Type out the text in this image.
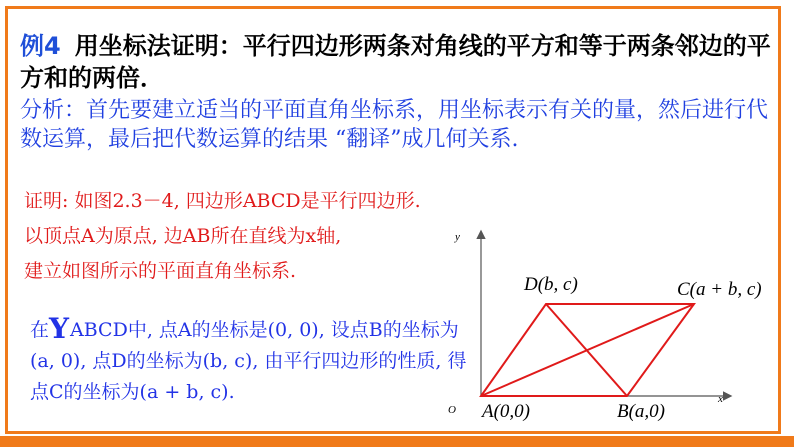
例4 用坐标法证明：平行四边形两条对角线的平方和等于两条邻边的平方和的两倍．
分析：首先要建立适当的平面直角坐标系，用坐标表示有关的量，然后进行代数运算，最后把代数运算的结果 “翻译”成几何关系.
证明: 如图2.3－4, 四边形ABCD是平行四边形.
以顶点A为原点, 边AB所在直线为x轴,
建立如图所示的平面直角坐标系.
在YABCD中, 点A的坐标是(0, 0), 设点B的坐标为(a, 0), 点D的坐标为(b, c), 由平行四边形的性质, 得点C的坐标为(a + b, c).
y
x
O
D(b, c)	C(a + b, c)
A(0,0)	B(a,0)
